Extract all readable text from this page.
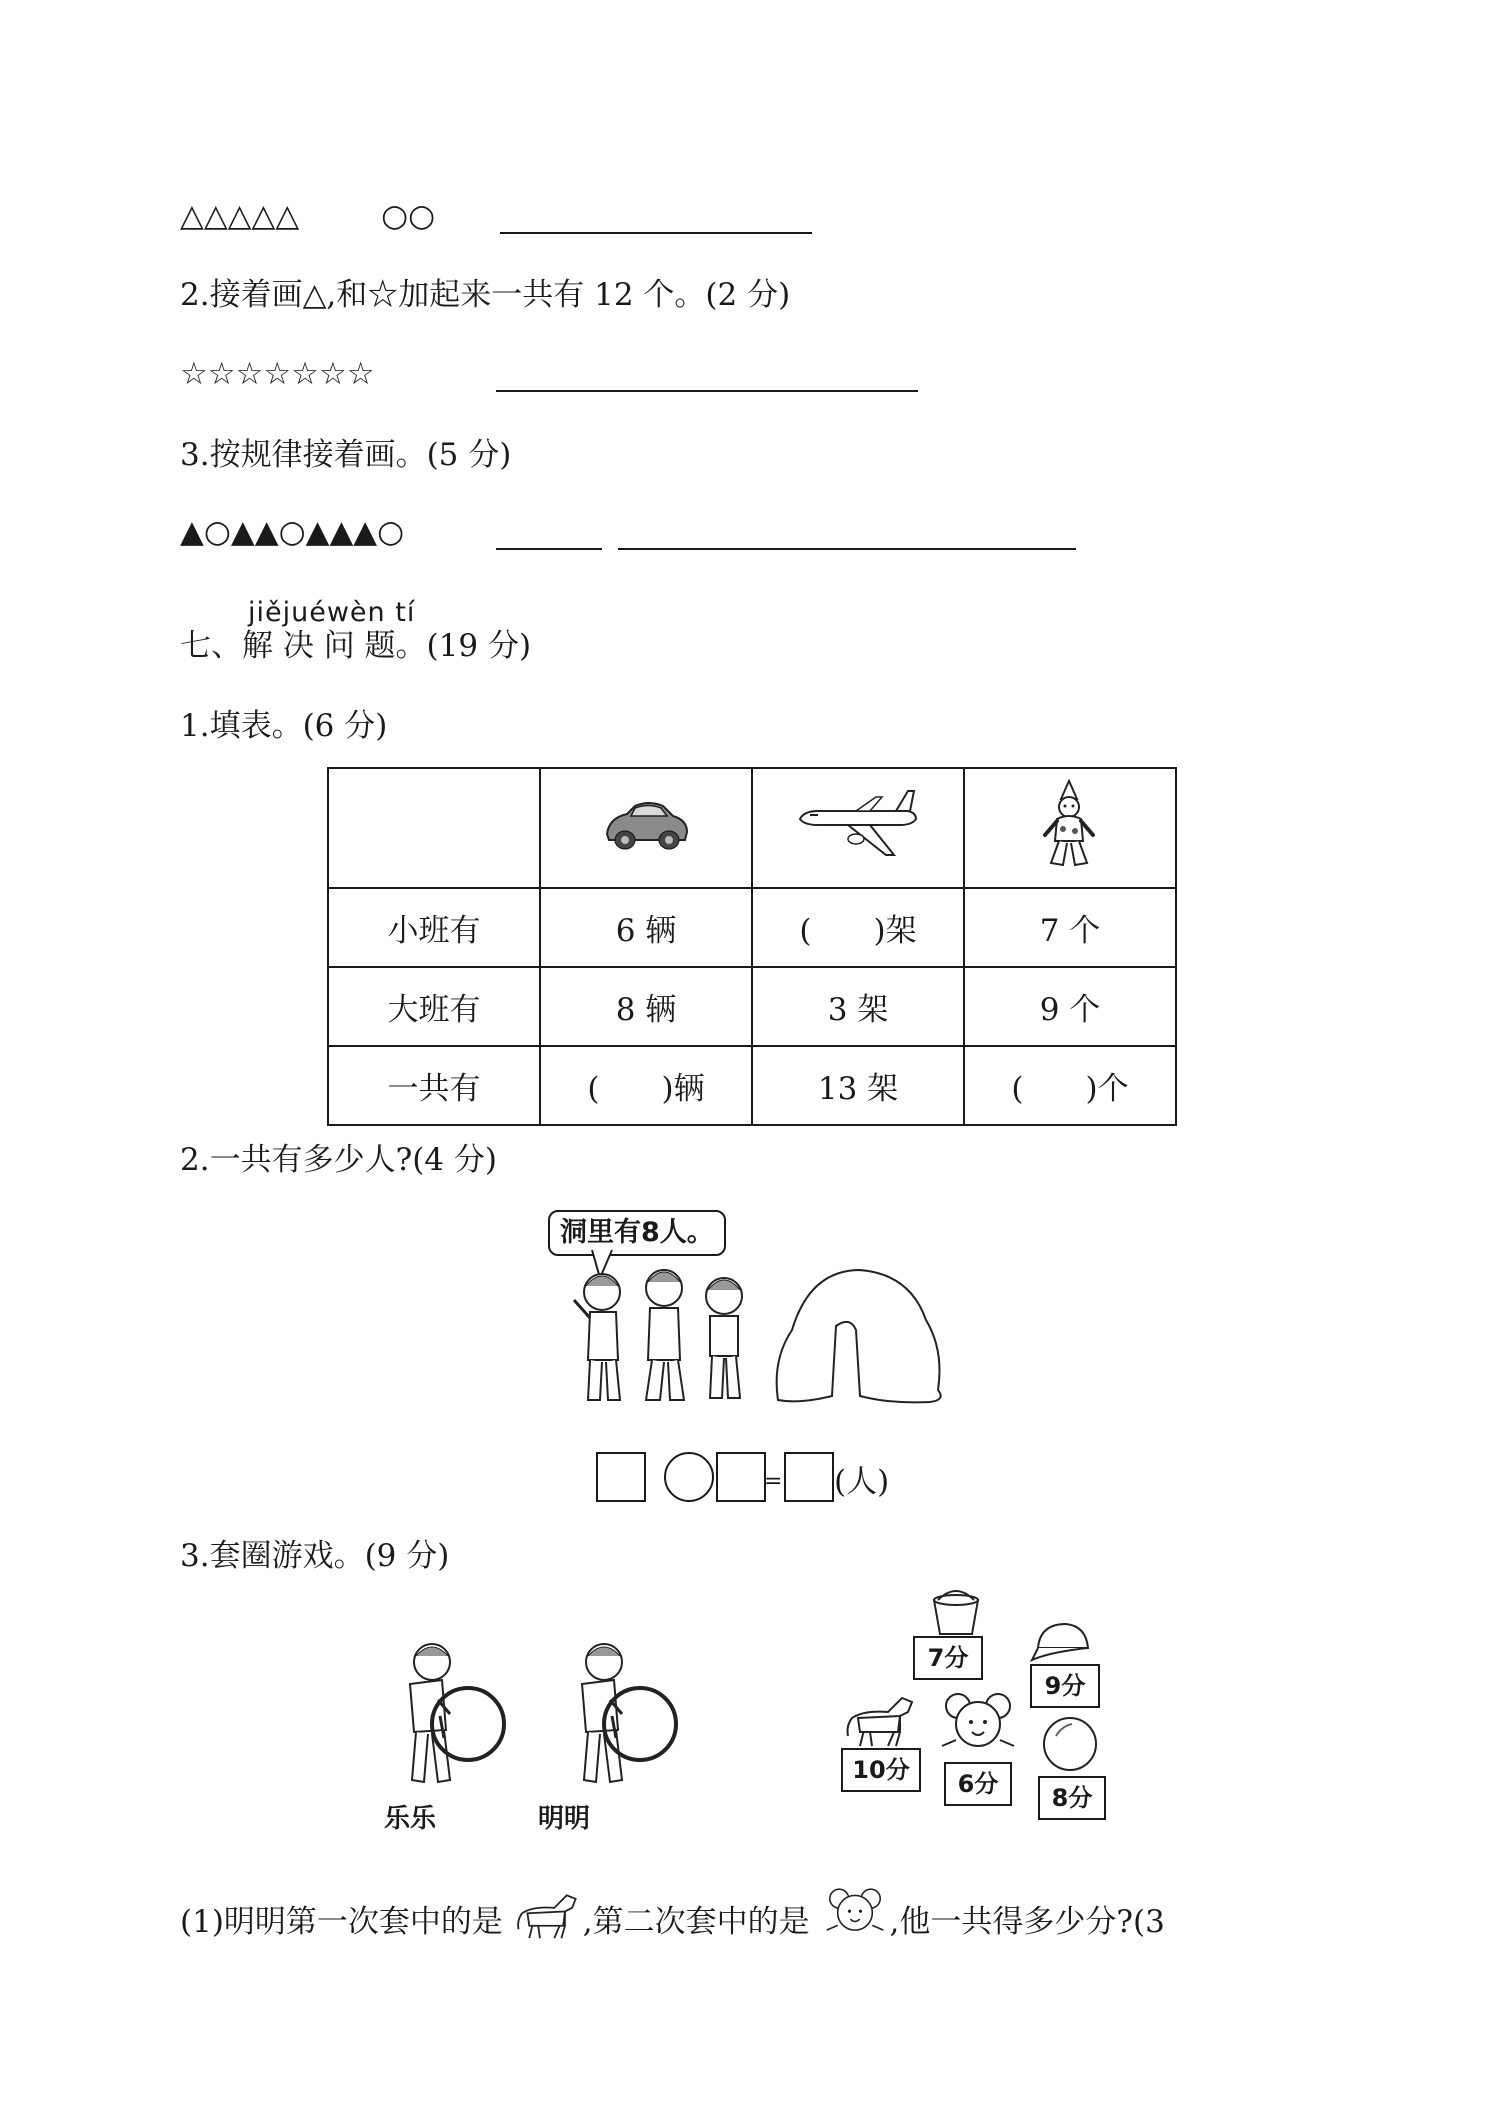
△△△△△	○○
2.接着画△,和☆加起来一共有 12 个。(2 分)
☆☆☆☆☆☆☆
3.按规律接着画。(5 分)
▲○▲▲○▲▲▲○
jiějuéwèn tí
七、解 决 问 题。(19 分)
1.填表。(6 分)

小班有	6 辆	(　　)架	7 个
大班有	8 辆	3 架	9 个
一共有	(　　)辆	13 架	(　　)个
2.一共有多少人?(4 分)
洞里有8人。
= (人)
3.套圈游戏。(9 分)
乐乐	明明
7分
9分
10分	6分	8分
(1)明明第一次套中的是	,第二次套中的是	,他一共得多少分?(3
